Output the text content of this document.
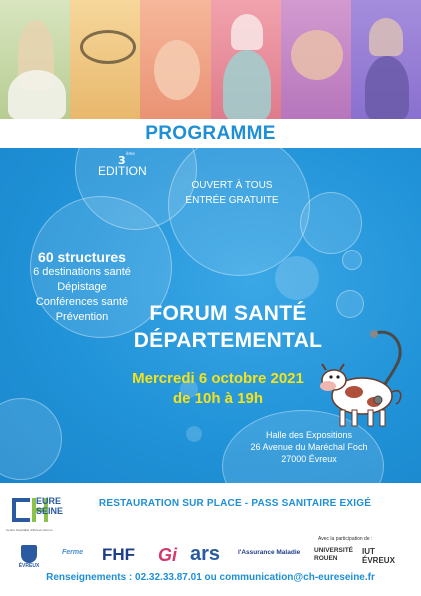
PROGRAMME
3
ème
EDITION
OUVERT À TOUS
ENTRÉE GRATUITE
60 structures
6 destinations santé
Dépistage
Conférences santé
Prévention	FORUM SANTÉ
DÉPARTEMENTAL
Mercredi 6 octobre 2021
de 10h à 19h
Halle des Expositions
26 Avenue du Maréchal Foch
27000 Évreux
EURE SEINE
Centre hospitalier d'Evreux-Vernon
RESTAURATION SUR PLACE - PASS SANITAIRE EXIGÉ
Avec la participation de :
ÉVREUX
Ferme FHF Gi ars	l'Assurance Maladie	UNIVERSITÉ ROUEN
IUT ÉVREUX
Renseignements : 02.32.33.87.01 ou communication@ch-eureseine.fr
